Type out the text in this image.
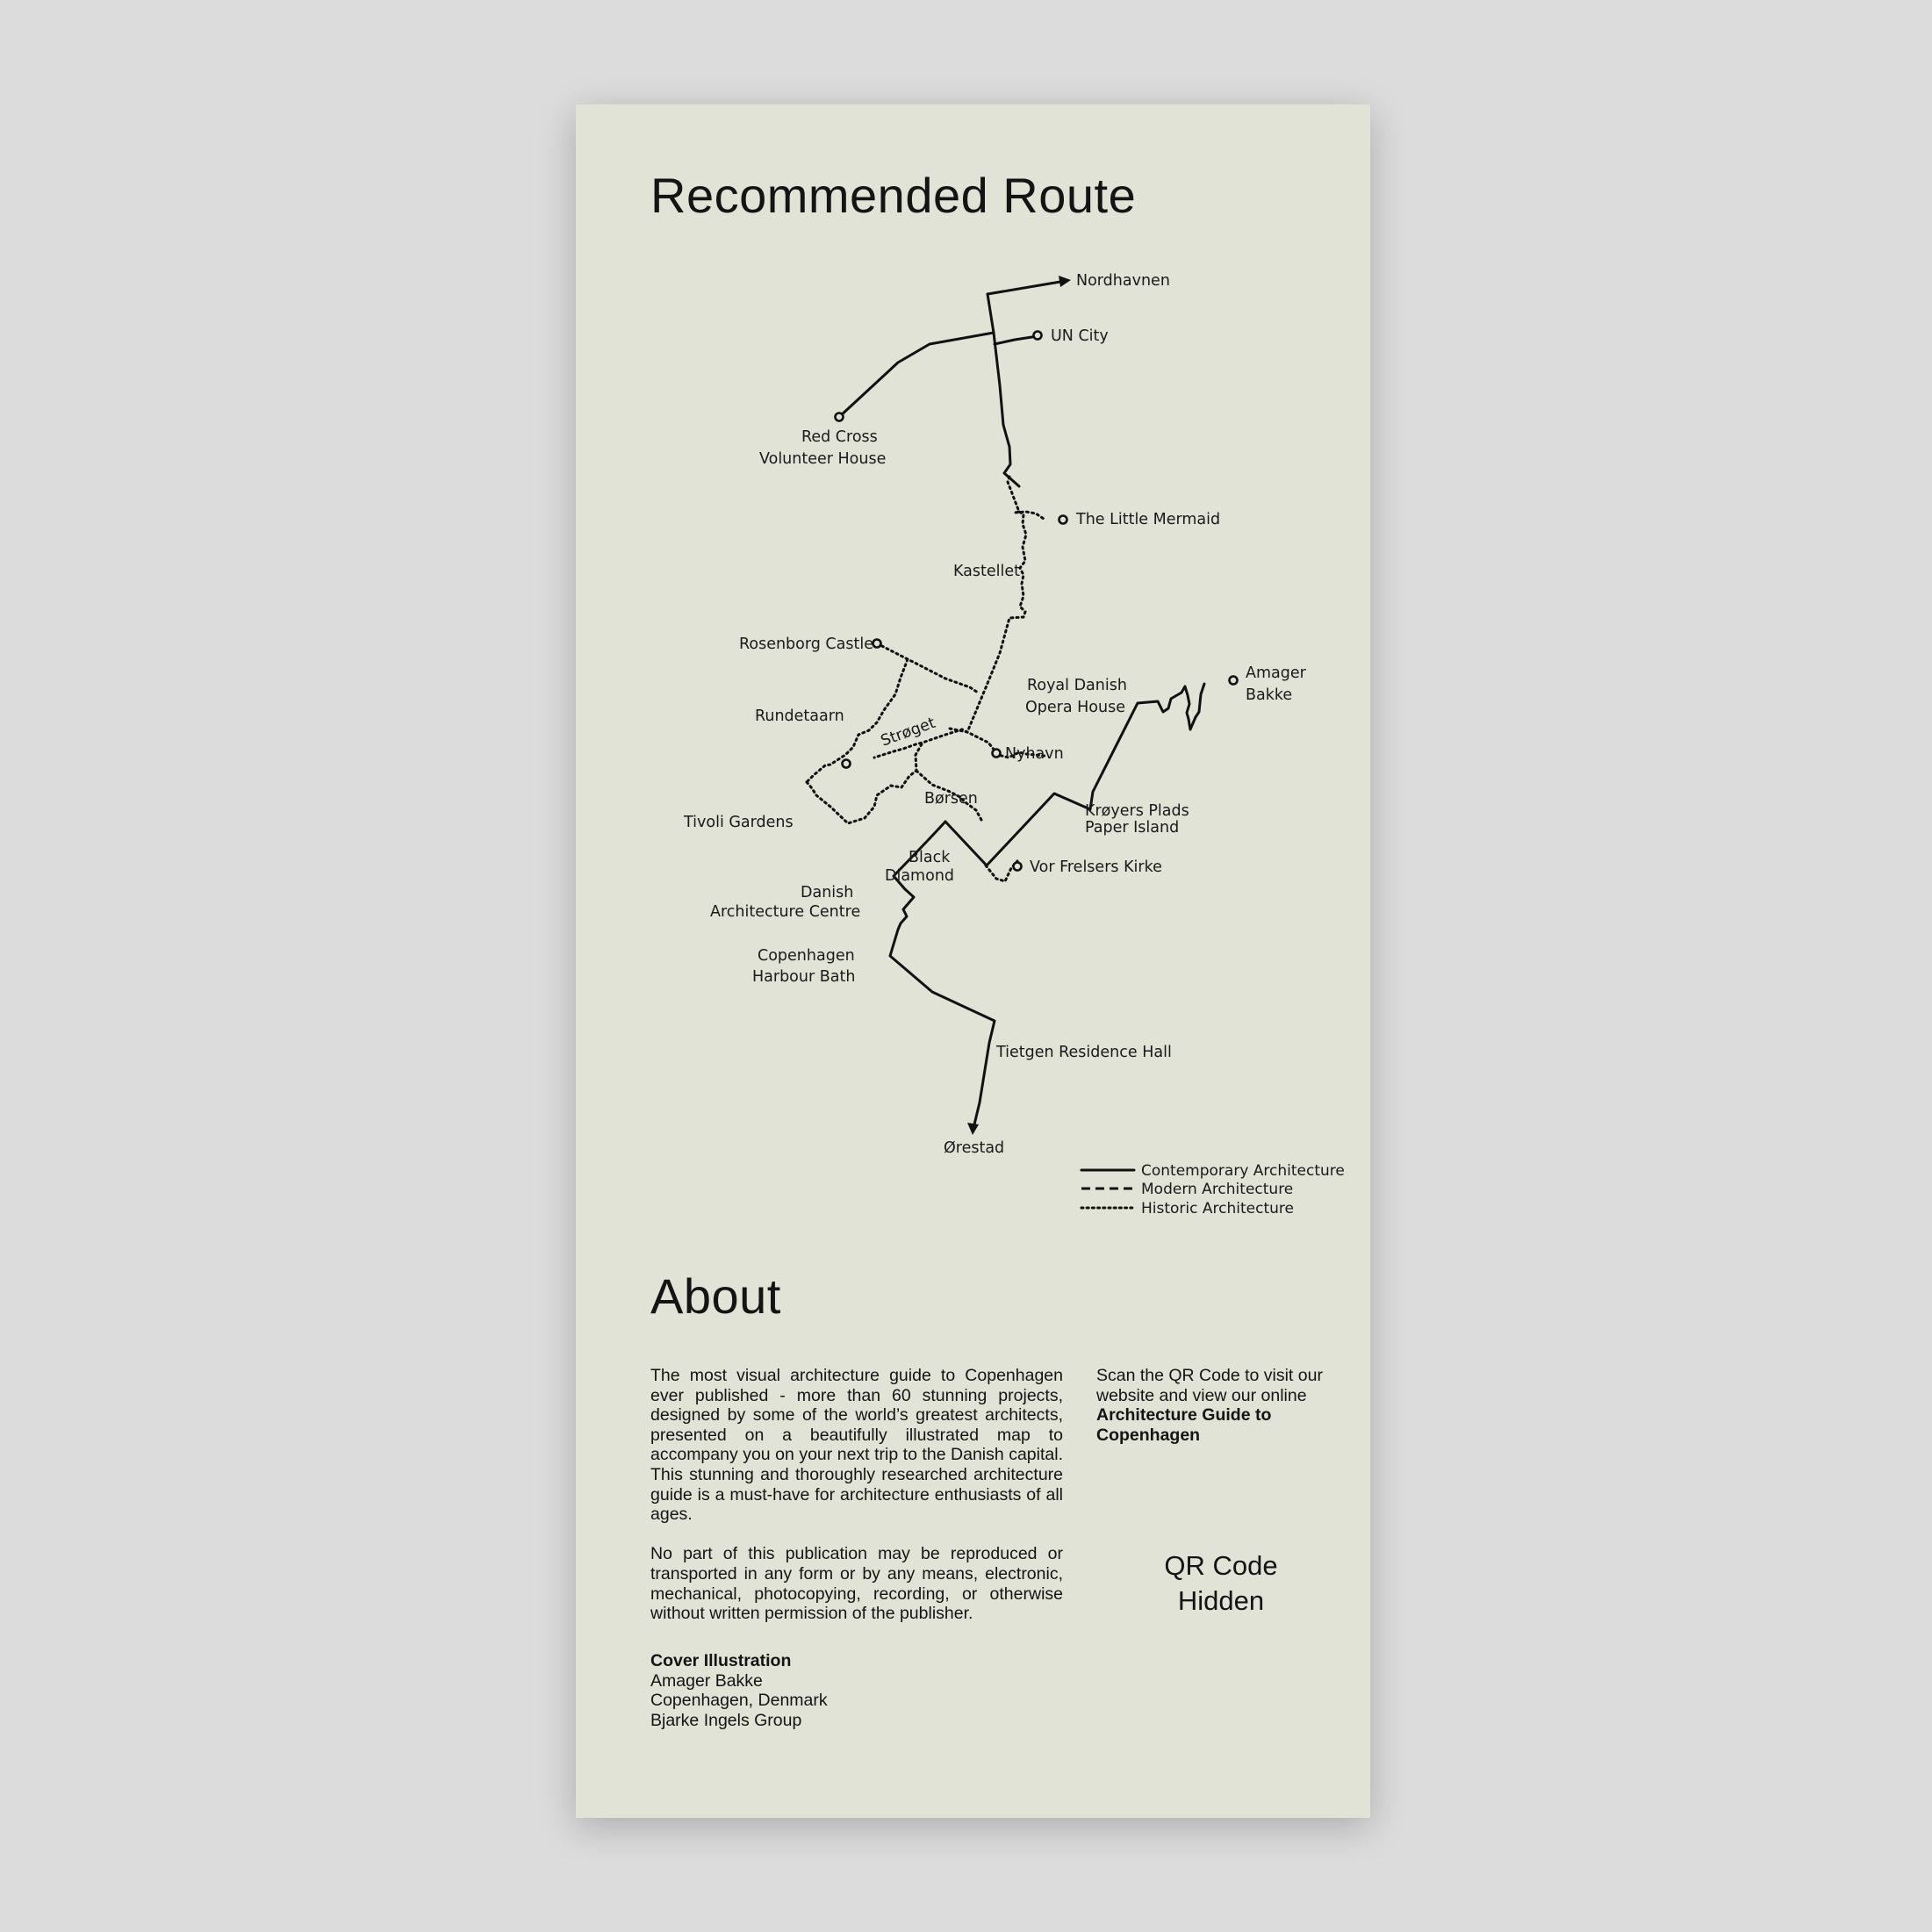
Recommended Route
Nordhavnen
UN City
Red Cross
Volunteer House
The Little Mermaid
Kastellet
Rosenborg Castle
Royal Danish
Opera House
Amager
Bakke
Rundetaarn Strøget
Nyhavn
Børsen
Tivoli Gardens
Krøyers Plads
Paper Island
Black
Diamond	Vor Frelsers Kirke
Danish
Architecture Centre
Copenhagen
Harbour Bath
Tietgen Residence Hall
Ørestad
Contemporary Architecture
Modern Architecture
Historic Architecture
About

The most visual architecture guide to Copenhagen ever published - more than 60 stunning projects, designed by some of the world’s greatest architects, presented on a beautifully illustrated map to accompany you on your next trip to the Danish capital. This stunning and thoroughly researched architecture guide is a must-have for architecture enthusiasts of all ages.

No part of this publication may be reproduced or transported in any form or by any means, electronic, mechanical, photocopying, recording, or otherwise without written permission of the publisher.

Cover Illustration
Amager Bakke
Copenhagen, Denmark
Bjarke Ingels Group
Scan the QR Code to visit our website and view our online
Architecture Guide to Copenhagen
QR Code
Hidden
